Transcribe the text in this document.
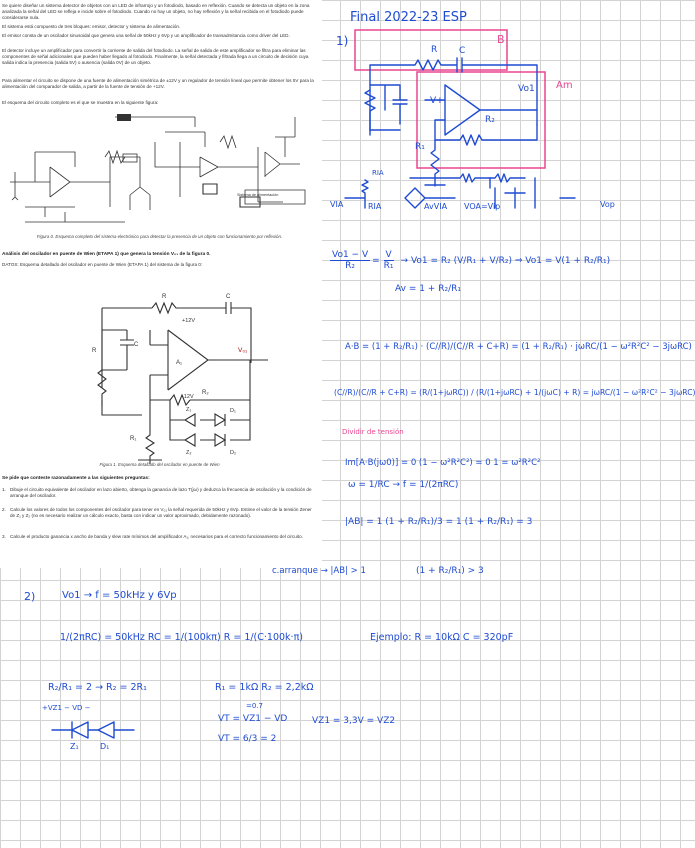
Se quiere diseñar un sistema detector de objetos con un LED de infrarrojo y un fotodiodo, basado en reflexión. Cuando se detecta un objeto en la zona analizada la señal del LED se refleja e incide sobre el fotodiodo. Cuando no hay un objeto, no hay reflexión y la señal recibida en el fotodiodo puede considerarse nula.

El sistema está compuesto de tres bloques: emisor, detector y sistema de alimentación.

El emisor consta de un oscilador sinusoidal que genera una señal de 50kHz y 6Vp y un amplificador de transadmitancia como driver del LED.

El detector incluye un amplificador para convertir la corriente de salida del fotodiodo. La señal de salida de este amplificador se filtra para eliminar las componentes de señal adicionales que pueden haber llegado al fotodiodo. Finalmente, la señal detectada y filtrada llega a un circuito de decisión cuya salida indica la presencia (salida 5V) o ausencia (salida 0V) de un objeto.

Para alimentar el circuito se dispone de una fuente de alimentación simétrica de ±12V y un regulador de tensión lineal que permite obtener los 5V para la alimentación del comparador de salida, a partir de la fuente de tensión de +12V.

El esquema del circuito completo es el que se muestra en la siguiente figura:

Sistema de alimentación

Figura 0. Esquema completo del sistema electrónico para detectar la presencia de un objeto con funcionamiento por reflexión.

Análisis del oscilador en puente de Wien (ETAPA 1) que genera la tensión V₀₁ de la figura 0.

DATOS: Esquema detallado del oscilador en puente de Wien (ETAPA 1) del sistema de la figura 0:

R	C
R
C
+12V
-12V
A₁
V₀₁
R₂
R₁
Z₁	D₁
Z₂	D₂

Figura 1. Esquema detallado del oscilador en puente de Wien

Se pide que conteste razonadamente a las siguientes preguntas:

1. Dibuje el circuito equivalente del oscilador en lazo abierto, obtenga la ganancia de lazo T(jω) y deduzca la frecuencia de oscilación y la condición de arranque del oscilador.

2. Calcule los valores de todos los componentes del oscilador para tener en V₀₁ la señal requerida de 50kHz y 6Vp. Estime el valor de la tensión Zener de Z₁ y Z₂ (no es necesario realizar un cálculo exacto, basta con indicar un valor aproximado, debidamente razonado).

3. Calcule el producto ganancia x ancho de banda y slew rate mínimos del amplificador A₁, necesarios para el correcto funcionamiento del circuito.

Final 2022-23 ESP

1)	B

Am

R C

V+

Vo1

R₂

R₁

RIA

VIA	RIA	AvVIA VOA=Vip	Vop

$\frac{Vo1 - V}{\text{R₂}} = \frac{V}{\text{R₁}} \to Vo1 = R_2$ (V/R₁ + V/R₂) ⇒ Vo1 = V(1 + R₂/R₁)

Av = 1 + R₂/R₁

A·B = (1 + R₂/R₁) · (C//R)/(C//R + C+R) = (1 + R₂/R₁) · jωRC/(1 − ω²R²C² − 3jωRC)

(C//R)/(C//R + C+R) = (R/(1+jωRC)) / (R/(1+jωRC) + 1/(jωC) + R) = jωRC/(1 − ω²R²C² − 3jωRC)

Dividir de tensión

Im[A·B(jω0)] = 0 (1 − ω²R²C²) = 0 1 = ω²R²C²

ω = 1/RC → f = 1/(2πRC)

|AB| = 1 (1 + R₂/R₁)/3 = 1 (1 + R₂/R₁) = 3

c.arranque → |AB| > 1	(1 + R₂/R₁) > 3

2)	Vo1 → f = 50kHz y 6Vp

1/(2πRC) = 50kHz RC = 1/(100kπ) R = 1/(C·100k·π)	Ejemplo: R = 10kΩ C = 320pF

R₂/R₁ = 2 → R₂ = 2R₁	R₁ = 1kΩ R₂ = 2,2kΩ

+VZ1 − VD −

Z₁	D₁

=0.7

VT = VZ1 − VD

VT = 6/3 = 2

VZ1 = 3,3V = VZ2
